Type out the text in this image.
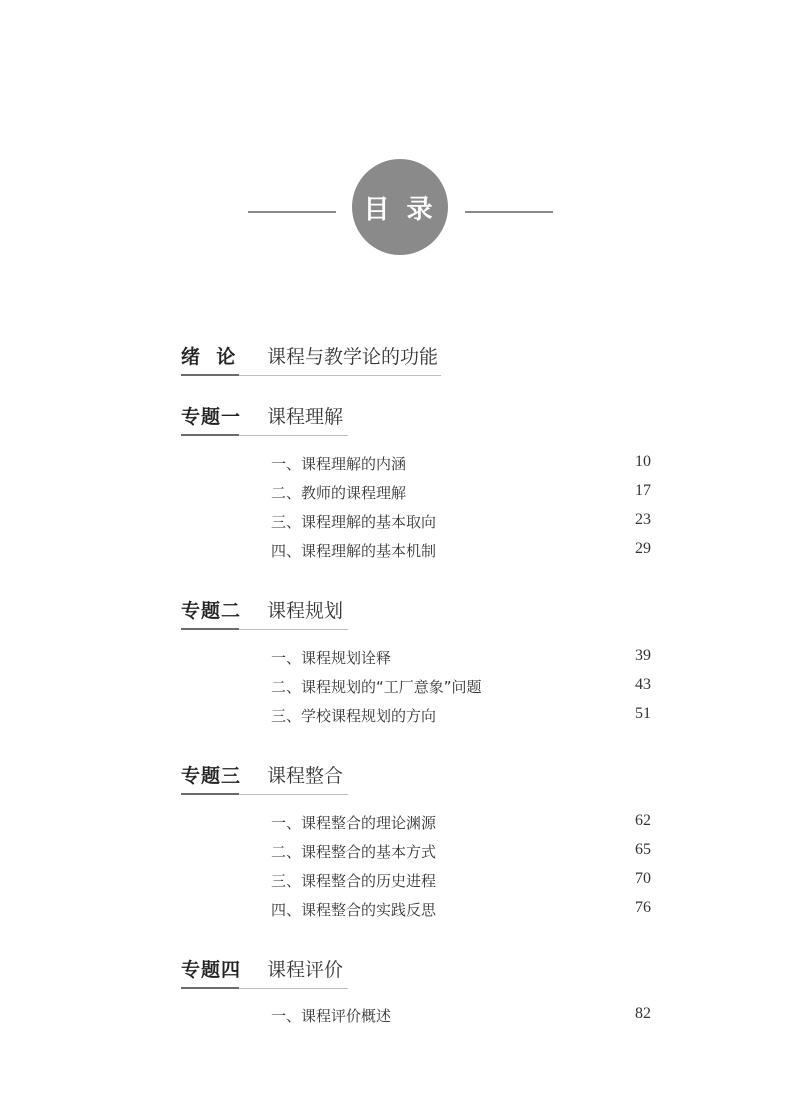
目 录
绪  论 课程与教学论的功能
专题一 课程理解
一、课程理解的内涵	10
二、教师的课程理解	17
三、课程理解的基本取向	23
四、课程理解的基本机制	29
专题二 课程规划
一、课程规划诠释	39
二、课程规划的“工厂意象”问题	43
三、学校课程规划的方向	51
专题三 课程整合
一、课程整合的理论渊源	62
二、课程整合的基本方式	65
三、课程整合的历史进程	70
四、课程整合的实践反思	76
专题四 课程评价
一、课程评价概述	82
